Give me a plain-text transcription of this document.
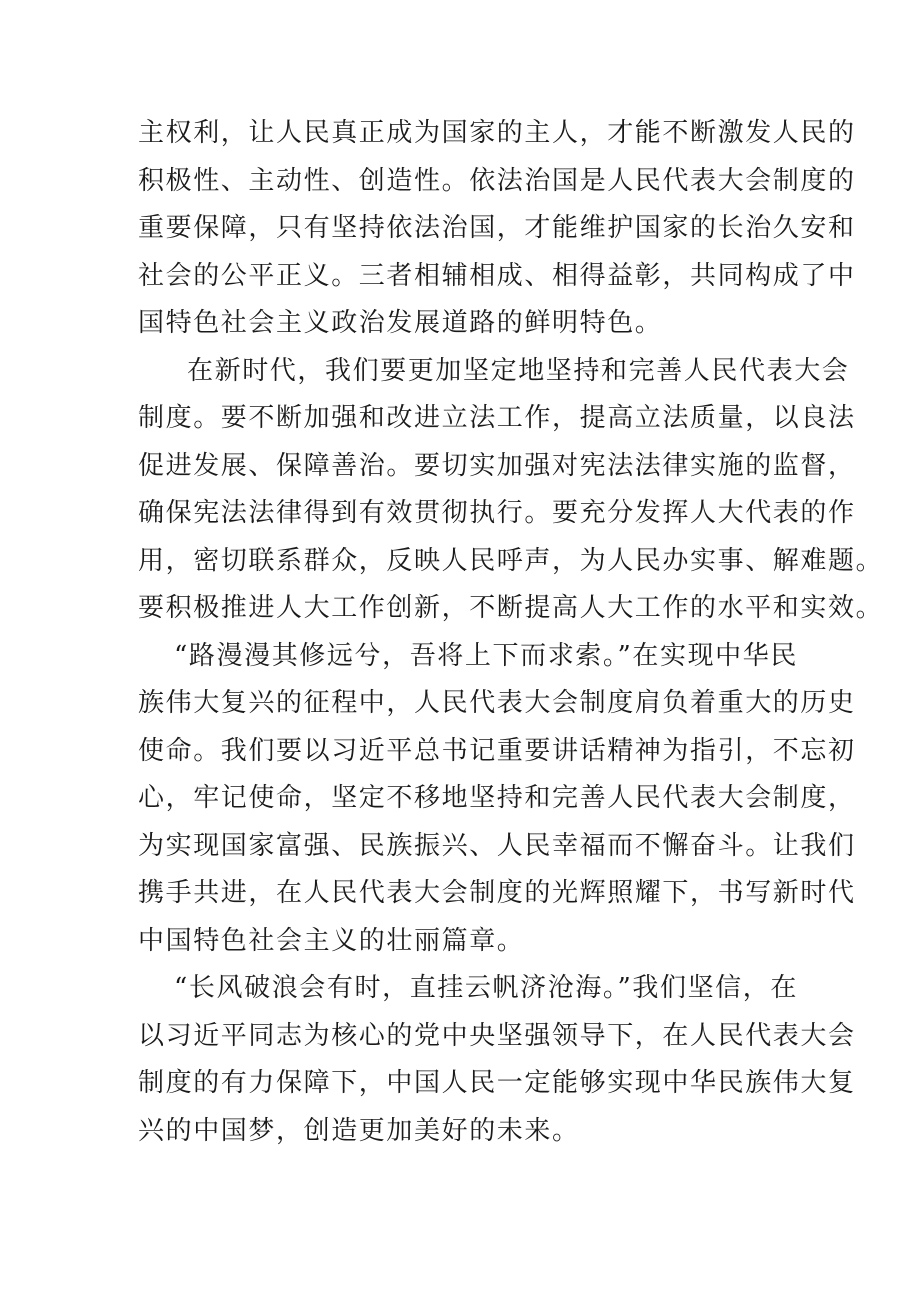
主权利，让人民真正成为国家的主人，才能不断激发人民的
积极性、主动性、创造性。依法治国是人民代表大会制度的
重要保障，只有坚持依法治国，才能维护国家的长治久安和
社会的公平正义。三者相辅相成、相得益彰，共同构成了中
国特色社会主义政治发展道路的鲜明特色。
在新时代，我们要更加坚定地坚持和完善人民代表大会
制度。要不断加强和改进立法工作，提高立法质量，以良法
促进发展、保障善治。要切实加强对宪法法律实施的监督，
确保宪法法律得到有效贯彻执行。要充分发挥人大代表的作
用，密切联系群众，反映人民呼声，为人民办实事、解难题。
要积极推进人大工作创新，不断提高人大工作的水平和实效。
“路漫漫其修远兮，吾将上下而求索。”在实现中华民
族伟大复兴的征程中，人民代表大会制度肩负着重大的历史
使命。我们要以习近平总书记重要讲话精神为指引，不忘初
心，牢记使命，坚定不移地坚持和完善人民代表大会制度，
为实现国家富强、民族振兴、人民幸福而不懈奋斗。让我们
携手共进，在人民代表大会制度的光辉照耀下，书写新时代
中国特色社会主义的壮丽篇章。
“长风破浪会有时，直挂云帆济沧海。”我们坚信，在
以习近平同志为核心的党中央坚强领导下，在人民代表大会
制度的有力保障下，中国人民一定能够实现中华民族伟大复
兴的中国梦，创造更加美好的未来。
